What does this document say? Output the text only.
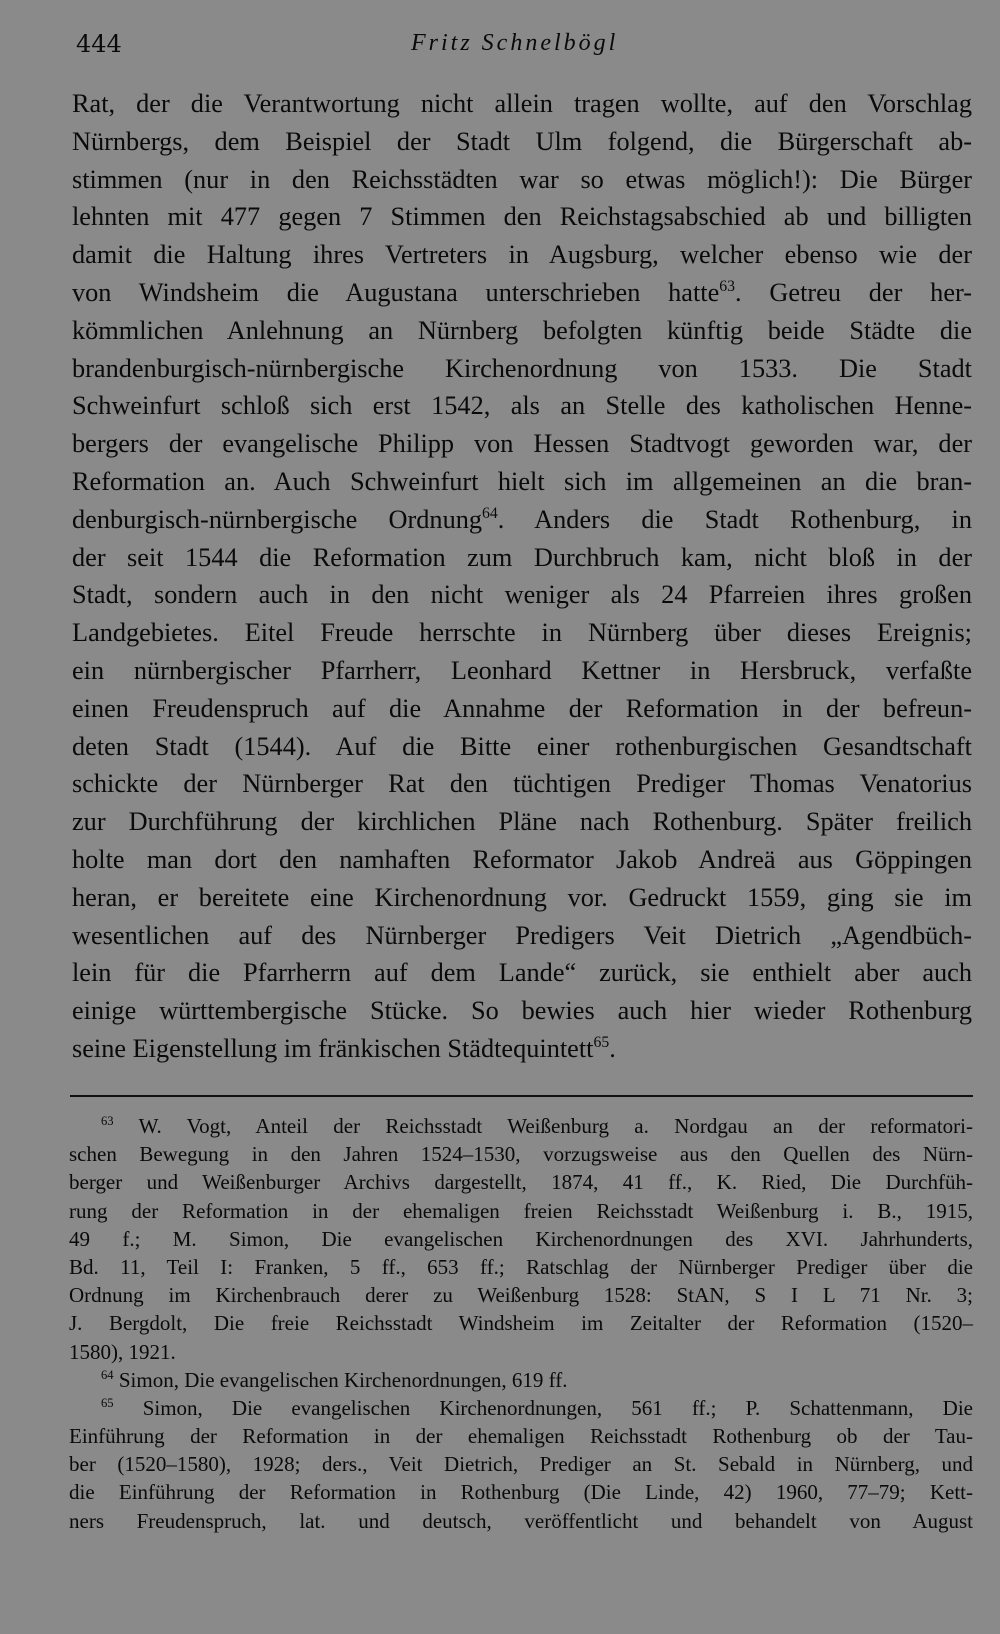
444	Fritz Schnelbögl
Rat, der die Verantwortung nicht allein tragen wollte, auf den Vorschlag
Nürnbergs, dem Beispiel der Stadt Ulm folgend, die Bürgerschaft ab-
stimmen (nur in den Reichsstädten war so etwas möglich!): Die Bürger
lehnten mit 477 gegen 7 Stimmen den Reichstagsabschied ab und billigten
damit die Haltung ihres Vertreters in Augsburg, welcher ebenso wie der
von Windsheim die Augustana unterschrieben hatte$^{63}$. Getreu der her-
kömmlichen Anlehnung an Nürnberg befolgten künftig beide Städte die
brandenburgisch-nürnbergische Kirchenordnung von 1533. Die Stadt
Schweinfurt schloß sich erst 1542, als an Stelle des katholischen Henne-
bergers der evangelische Philipp von Hessen Stadtvogt geworden war, der
Reformation an. Auch Schweinfurt hielt sich im allgemeinen an die bran-
denburgisch-nürnbergische Ordnung$^{64}$. Anders die Stadt Rothenburg, in
der seit 1544 die Reformation zum Durchbruch kam, nicht bloß in der
Stadt, sondern auch in den nicht weniger als 24 Pfarreien ihres großen
Landgebietes. Eitel Freude herrschte in Nürnberg über dieses Ereignis;
ein nürnbergischer Pfarrherr, Leonhard Kettner in Hersbruck, verfaßte
einen Freudenspruch auf die Annahme der Reformation in der befreun-
deten Stadt (1544). Auf die Bitte einer rothenburgischen Gesandtschaft
schickte der Nürnberger Rat den tüchtigen Prediger Thomas Venatorius
zur Durchführung der kirchlichen Pläne nach Rothenburg. Später freilich
holte man dort den namhaften Reformator Jakob Andreä aus Göppingen
heran, er bereitete eine Kirchenordnung vor. Gedruckt 1559, ging sie im
wesentlichen auf des Nürnberger Predigers Veit Dietrich „Agendbüch-
lein für die Pfarrherrn auf dem Lande“ zurück, sie enthielt aber auch
einige württembergische Stücke. So bewies auch hier wieder Rothenburg
seine Eigenstellung im fränkischen Städtequintett$^{65}$.
$^{63}$ W. Vogt, Anteil der Reichsstadt Weißenburg a. Nordgau an der reformatori-
schen Bewegung in den Jahren 1524–1530, vorzugsweise aus den Quellen des Nürn-
berger und Weißenburger Archivs dargestellt, 1874, 41 ff., K. Ried, Die Durchfüh-
rung der Reformation in der ehemaligen freien Reichsstadt Weißenburg i. B., 1915,
49 f.; M. Simon, Die evangelischen Kirchenordnungen des XVI. Jahrhunderts,
Bd. 11, Teil I: Franken, 5 ff., 653 ff.; Ratschlag der Nürnberger Prediger über die
Ordnung im Kirchenbrauch derer zu Weißenburg 1528: StAN, S I L 71 Nr. 3;
J. Bergdolt, Die freie Reichsstadt Windsheim im Zeitalter der Reformation (1520–
1580), 1921.
$^{64}$ Simon, Die evangelischen Kirchenordnungen, 619 ff.
$^{65}$ Simon, Die evangelischen Kirchenordnungen, 561 ff.; P. Schattenmann, Die
Einführung der Reformation in der ehemaligen Reichsstadt Rothenburg ob der Tau-
ber (1520–1580), 1928; ders., Veit Dietrich, Prediger an St. Sebald in Nürnberg, und
die Einführung der Reformation in Rothenburg (Die Linde, 42) 1960, 77–79; Kett-
ners Freudenspruch, lat. und deutsch, veröffentlicht und behandelt von August
